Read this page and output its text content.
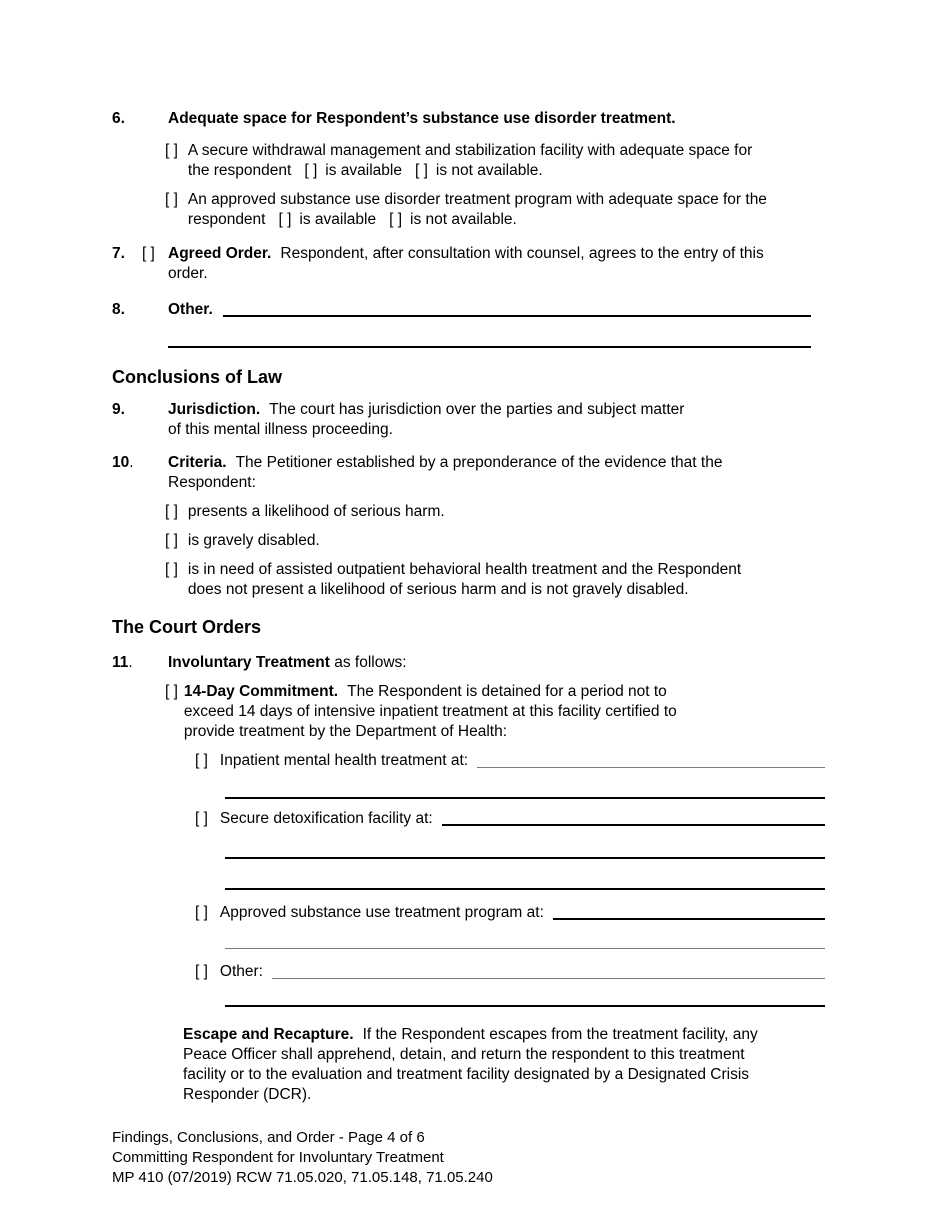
6.	Adequate space for Respondent’s substance use disorder treatment.
[ ] A secure withdrawal management and stabilization facility with adequate space for
the respondent [ ] is available [ ] is not available.
[ ] An approved substance use disorder treatment program with adequate space for the
respondent [ ] is available [ ] is not available.
7. [ ] Agreed Order. Respondent, after consultation with counsel, agrees to the entry of this
order.
8.	Other.
Conclusions of Law
9.	Jurisdiction. The court has jurisdiction over the parties and subject matter
of this mental illness proceeding.
10.	Criteria. The Petitioner established by a preponderance of the evidence that the
Respondent:
[ ] presents a likelihood of serious harm.
[ ] is gravely disabled.
[ ] is in need of assisted outpatient behavioral health treatment and the Respondent
does not present a likelihood of serious harm and is not gravely disabled.
The Court Orders
11.	Involuntary Treatment as follows:
[ ] 14-Day Commitment. The Respondent is detained for a period not to
exceed 14 days of intensive inpatient treatment at this facility certified to
provide treatment by the Department of Health:
[ ] Inpatient mental health treatment at:
[ ] Secure detoxification facility at:
[ ] Approved substance use treatment program at:
[ ] Other:
Escape and Recapture. If the Respondent escapes from the treatment facility, any
Peace Officer shall apprehend, detain, and return the respondent to this treatment
facility or to the evaluation and treatment facility designated by a Designated Crisis
Responder (DCR).
Findings, Conclusions, and Order - Page 4 of 6
Committing Respondent for Involuntary Treatment
MP 410 (07/2019) RCW 71.05.020, 71.05.148, 71.05.240
